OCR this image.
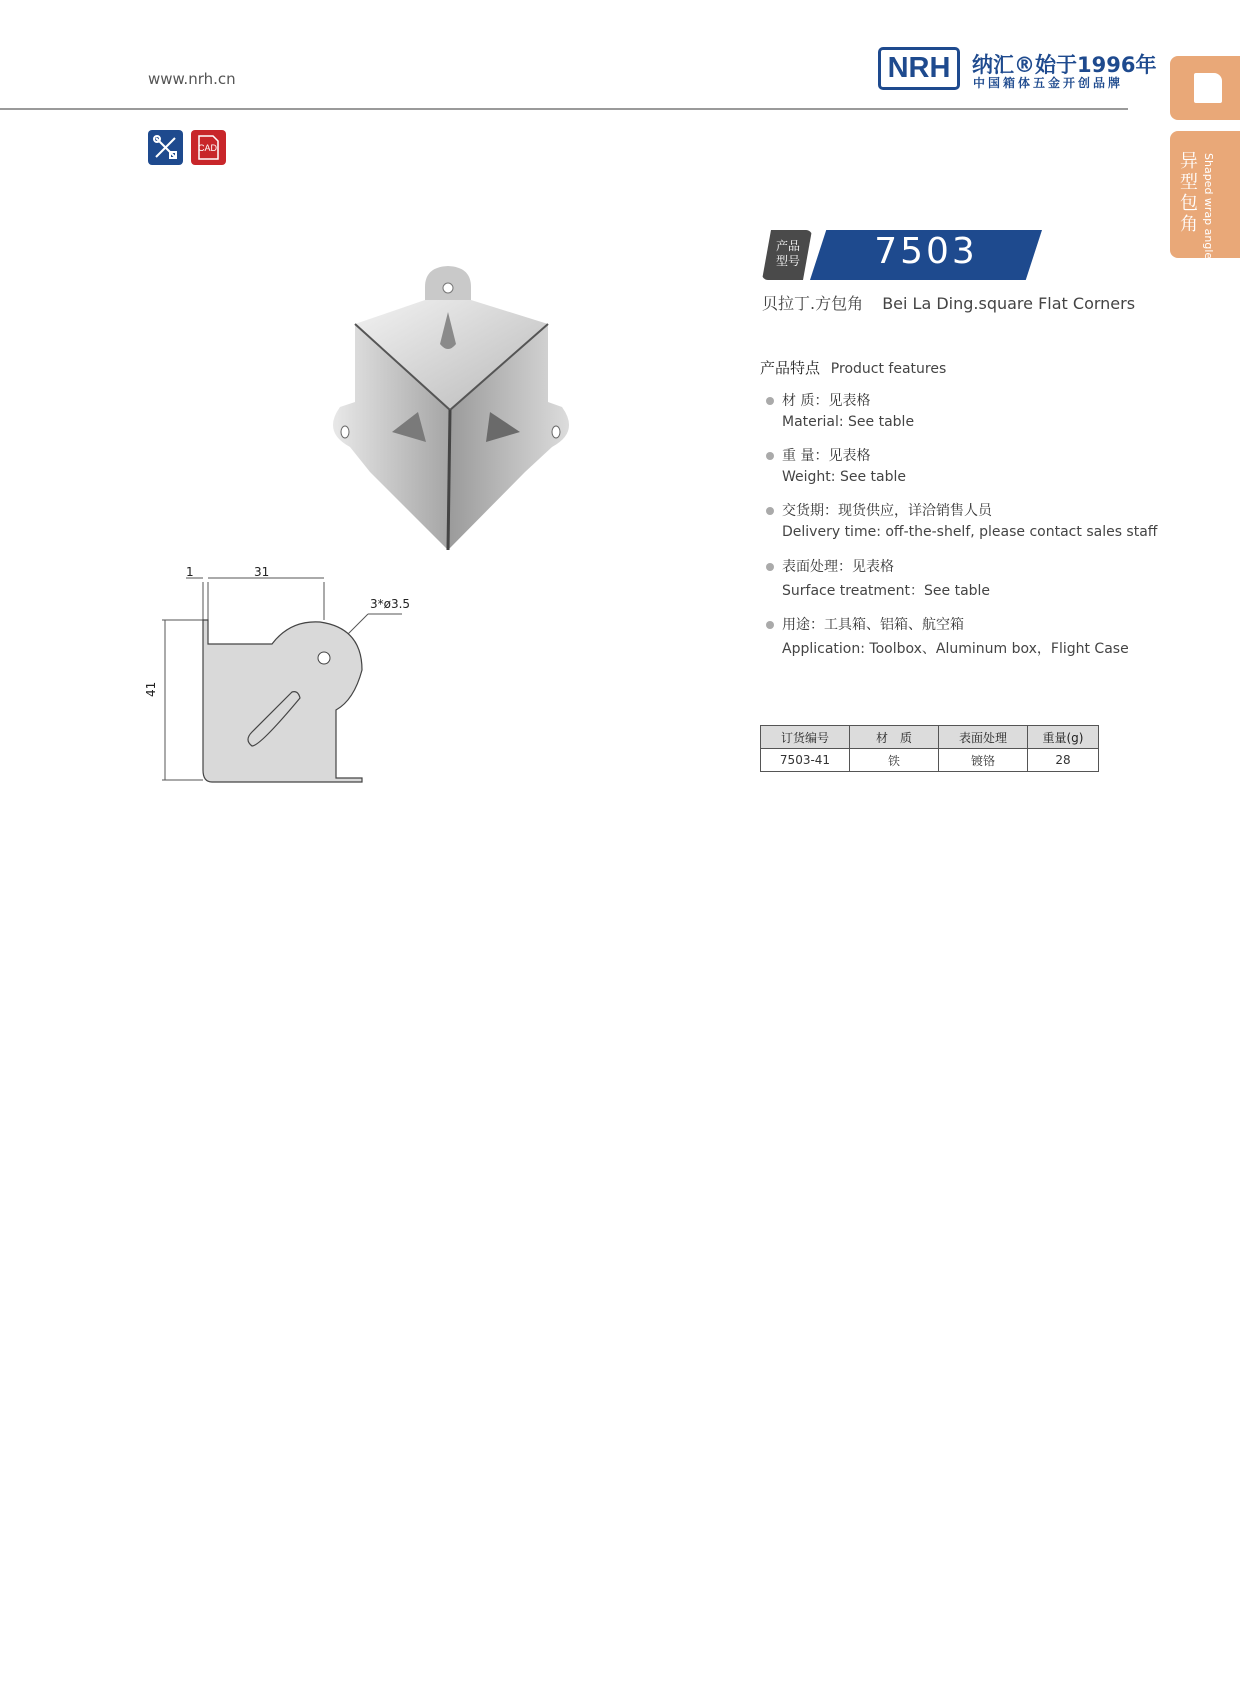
www.nrh.cn	NRH 纳汇®始于1996年
中国箱体五金开创品牌
异型包角 Shaped wrap angle
CAD
1	31
3*ø3.5
41
产品
型号	7503
贝拉丁.方包角 Bei La Ding.square Flat Corners
产品特点 Product features
材 质：见表格
Material: See table
重 量：见表格
Weight: See table
交货期：现货供应，详洽销售人员
Delivery time: off-the-shelf, please contact sales staff
表面处理：见表格
Surface treatment：See table
用途：工具箱、铝箱、航空箱
Application: Toolbox、Aluminum box，Flight Case
订货编号	材　质	表面处理	重量(g)
7503-41	铁	镀铬	28
